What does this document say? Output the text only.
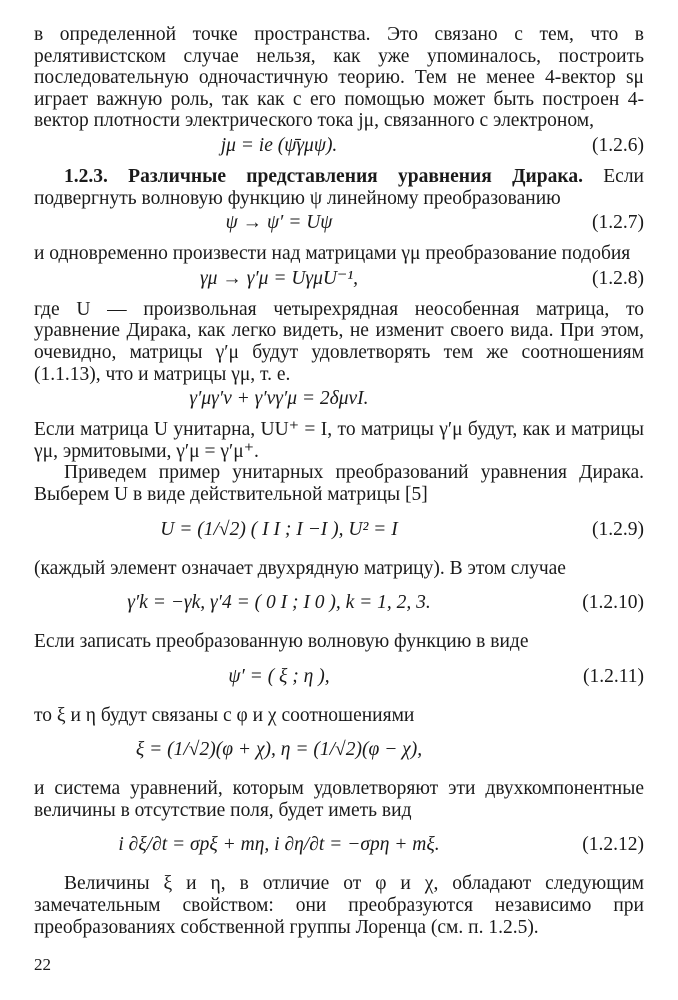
в определенной точке пространства. Это связано с тем, что в релятивистском случае нельзя, как уже упоминалось, построить последовательную одночастичную теорию. Тем не менее 4-вектор sμ играет важную роль, так как с его помощью может быть построен 4-вектор плотности электрического тока jμ, связанного с электроном,

jμ = ie (ψ̄γμψ).	(1.2.6)

1.2.3. Различные представления уравнения Дирака. Если подвергнуть волновую функцию ψ линейному преобразованию

ψ → ψ′ = Uψ	(1.2.7)

и одновременно произвести над матрицами γμ преобразование подобия

γμ → γ′μ = UγμU⁻¹,	(1.2.8)

где U — произвольная четырехрядная неособенная матрица, то уравнение Дирака, как легко видеть, не изменит своего вида. При этом, очевидно, матрицы γ′μ будут удовлетворять тем же соотношениям (1.1.13), что и матрицы γμ, т. е.

γ′μγ′ν + γ′νγ′μ = 2δμνI.

Если матрица U унитарна, UU⁺ = I, то матрицы γ′μ будут, как и матрицы γμ, эрмитовыми, γ′μ = γ′μ⁺.

Приведем пример унитарных преобразований уравнения Дирака. Выберем U в виде действительной матрицы [5]

U = (1/√2) ( I I ; I −I ), U² = I	(1.2.9)

(каждый элемент означает двухрядную матрицу). В этом случае

γ′k = −γk, γ′4 = ( 0 I ; I 0 ), k = 1, 2, 3.	(1.2.10)

Если записать преобразованную волновую функцию в виде

ψ′ = ( ξ ; η ),	(1.2.11)

то ξ и η будут связаны с φ и χ соотношениями

ξ = (1/√2)(φ + χ), η = (1/√2)(φ − χ),

и система уравнений, которым удовлетворяют эти двухкомпонентные величины в отсутствие поля, будет иметь вид

i ∂ξ/∂t = σpξ + mη, i ∂η/∂t = −σpη + mξ.	(1.2.12)

Величины ξ и η, в отличие от φ и χ, обладают следующим замечательным свойством: они преобразуются независимо при преобразованиях собственной группы Лоренца (см. п. 1.2.5).

22
